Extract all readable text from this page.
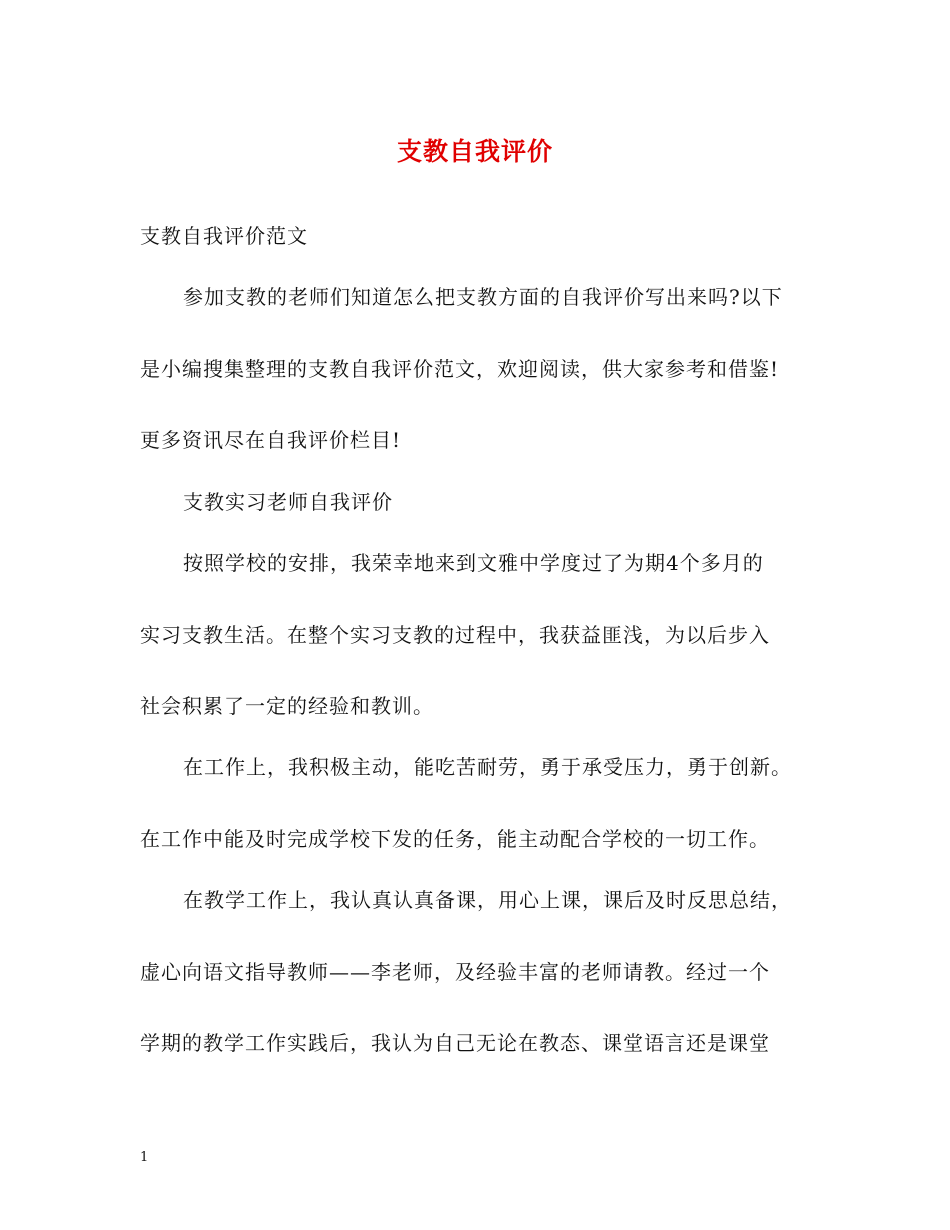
支教自我评价
支教自我评价范文
参加支教的老师们知道怎么把支教方面的自我评价写出来吗?以下
是小编搜集整理的支教自我评价范文，欢迎阅读，供大家参考和借鉴!
更多资讯尽在自我评价栏目!
支教实习老师自我评价
按照学校的安排，我荣幸地来到文雅中学度过了为期4个多月的
实习支教生活。在整个实习支教的过程中，我获益匪浅，为以后步入
社会积累了一定的经验和教训。
在工作上，我积极主动，能吃苦耐劳，勇于承受压力，勇于创新。
在工作中能及时完成学校下发的任务，能主动配合学校的一切工作。
在教学工作上，我认真认真备课，用心上课，课后及时反思总结，
虚心向语文指导教师——李老师，及经验丰富的老师请教。经过一个
学期的教学工作实践后，我认为自己无论在教态、课堂语言还是课堂
1
